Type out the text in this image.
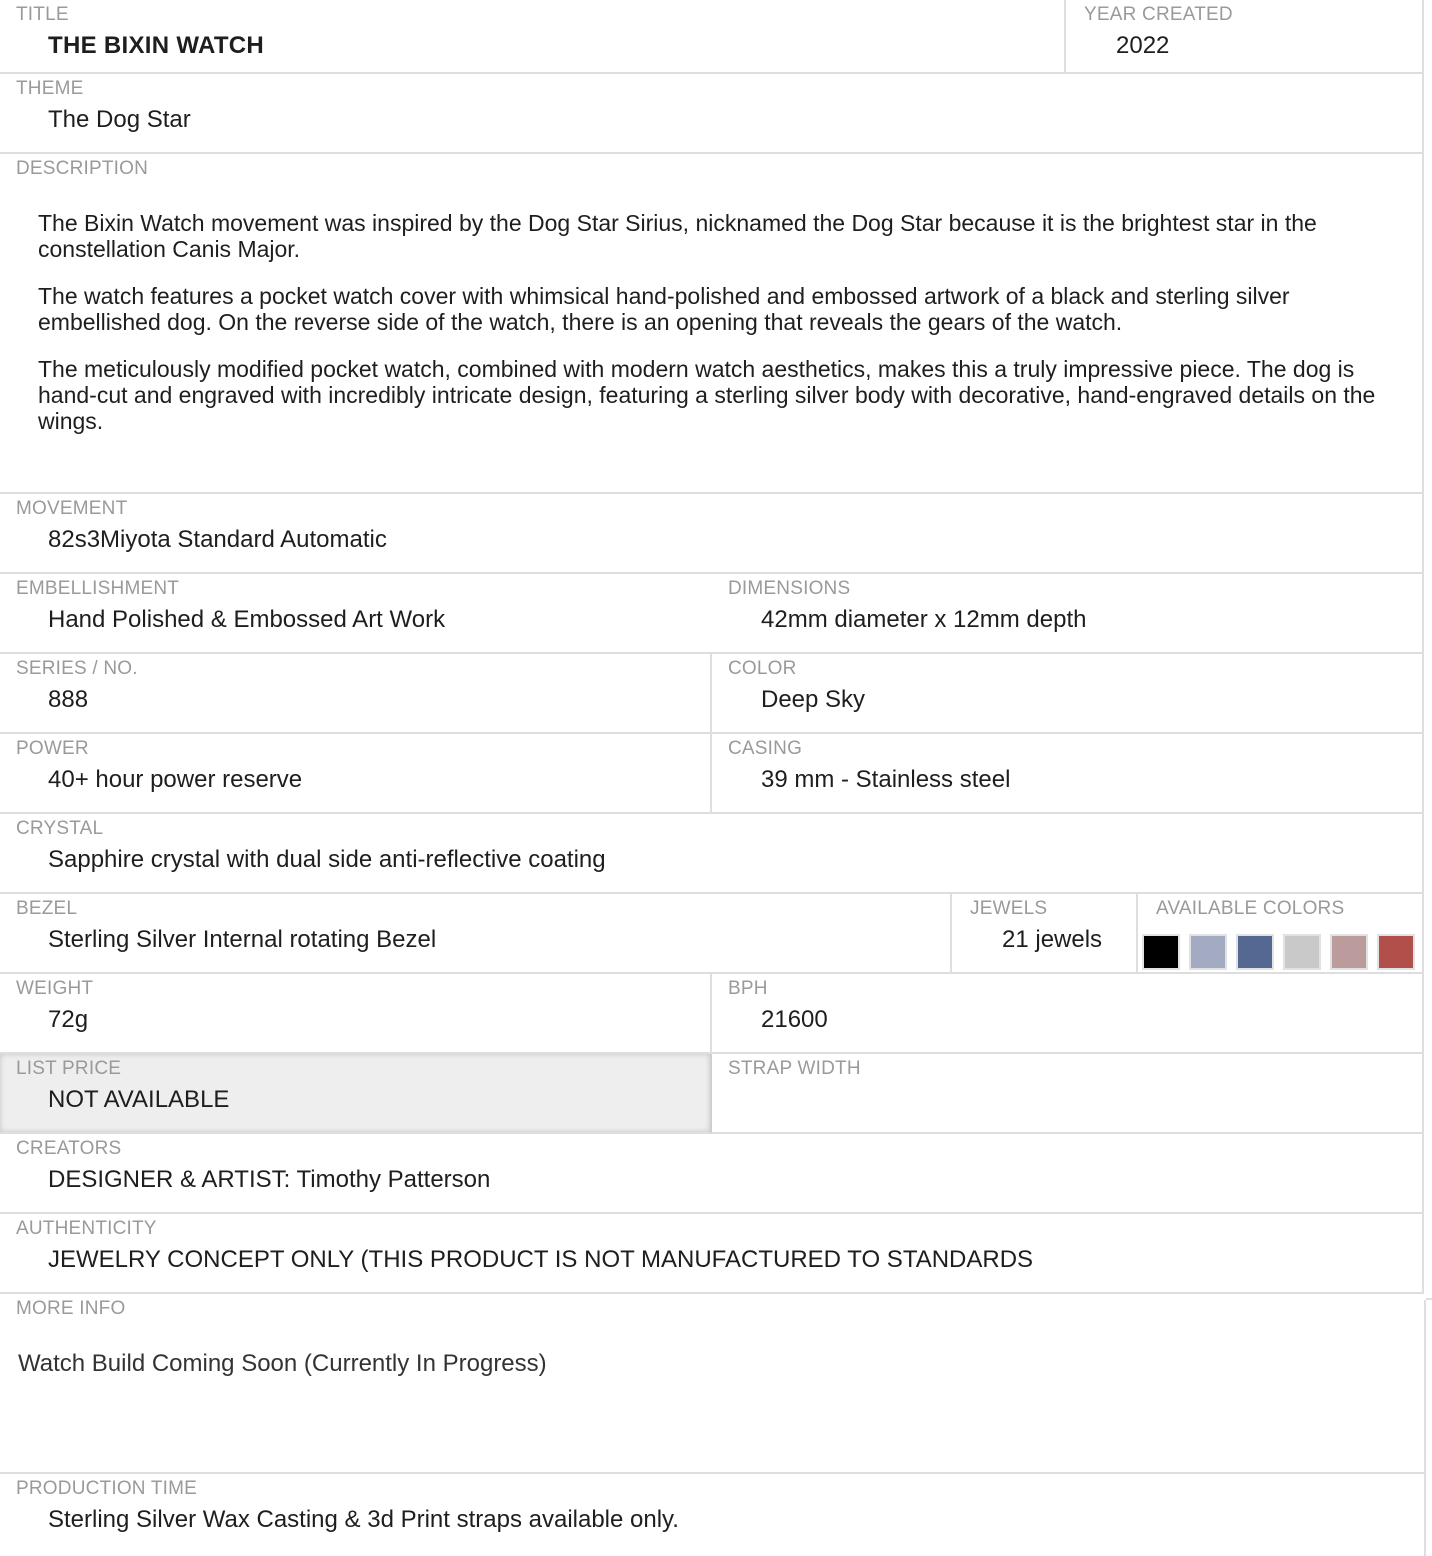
TITLE
THE BIXIN WATCH
YEAR CREATED
2022
THEME
The Dog Star
DESCRIPTION

The Bixin Watch movement was inspired by the Dog Star Sirius, nicknamed the Dog Star because it is the brightest star in the constellation Canis Major.

The watch features a pocket watch cover with whimsical hand-polished and embossed artwork of a black and sterling silver embellished dog. On the reverse side of the watch, there is an opening that reveals the gears of the watch.

The meticulously modified pocket watch, combined with modern watch aesthetics, makes this a truly impressive piece. The dog is hand-cut and engraved with incredibly intricate design, featuring a sterling silver body with decorative, hand-engraved details on the wings.

MOVEMENT
82s3Miyota Standard Automatic
EMBELLISHMENT
Hand Polished & Embossed Art Work
DIMENSIONS
42mm diameter x 12mm depth
SERIES / NO.
888
COLOR
Deep Sky
POWER
40+ hour power reserve
CASING
39 mm - Stainless steel
CRYSTAL
Sapphire crystal with dual side anti-reflective coating
BEZEL
Sterling Silver Internal rotating Bezel
JEWELS
21 jewels
AVAILABLE COLORS
WEIGHT
72g
BPH
21600
LIST PRICE
NOT AVAILABLE
STRAP WIDTH
CREATORS
DESIGNER & ARTIST: Timothy Patterson
AUTHENTICITY
JEWELRY CONCEPT ONLY (THIS PRODUCT IS NOT MANUFACTURED TO STANDARDS
MORE INFO
Watch Build Coming Soon (Currently In Progress)
PRODUCTION TIME
Sterling Silver Wax Casting & 3d Print straps available only.
